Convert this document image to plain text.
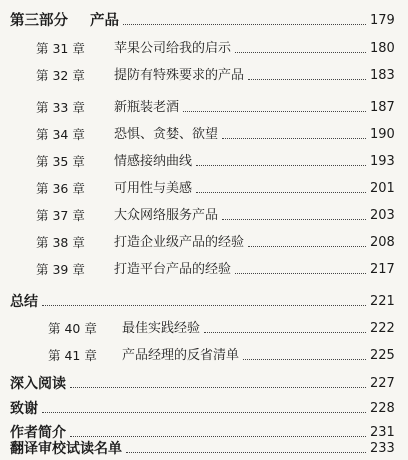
第三部分 产品	179
第 31 章	苹果公司给我的启示	180
第 32 章	提防有特殊要求的产品	183
第 33 章	新瓶装老酒	187
第 34 章	恐惧、贪婪、欲望	190
第 35 章	情感接纳曲线	193
第 36 章	可用性与美感	201
第 37 章	大众网络服务产品	203
第 38 章	打造企业级产品的经验	208
第 39 章	打造平台产品的经验	217
总结	221
第 40 章	最佳实践经验	222
第 41 章	产品经理的反省清单	225
深入阅读	227
致谢	228
作者简介	231
翻译审校试读名单	233
